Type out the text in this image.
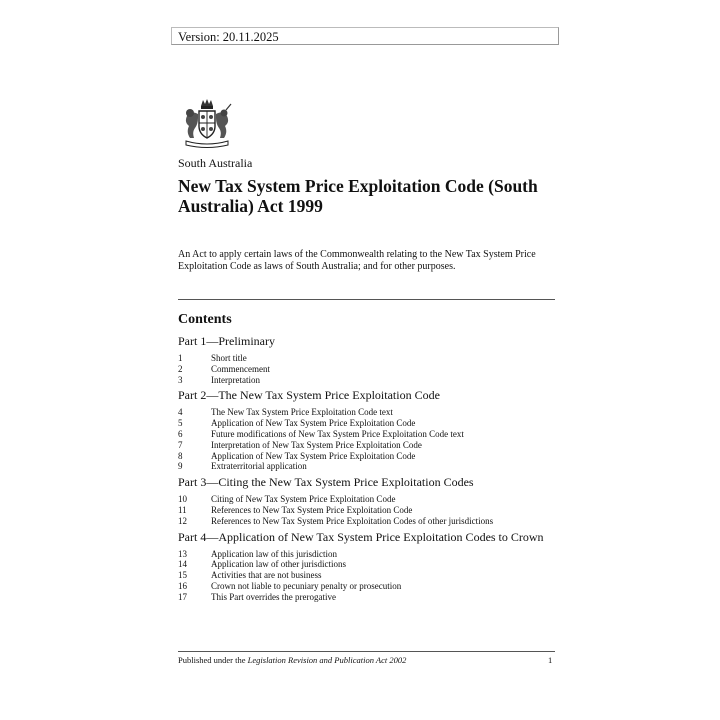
Version: 20.11.2025
South Australia
New Tax System Price Exploitation Code (South Australia) Act 1999

An Act to apply certain laws of the Commonwealth relating to the New Tax System Price Exploitation Code as laws of South Australia; and for other purposes.

Contents
Part 1—Preliminary
1	Short title
2	Commencement
3	Interpretation
Part 2—The New Tax System Price Exploitation Code
4	The New Tax System Price Exploitation Code text
5	Application of New Tax System Price Exploitation Code
6	Future modifications of New Tax System Price Exploitation Code text
7	Interpretation of New Tax System Price Exploitation Code
8	Application of New Tax System Price Exploitation Code
9	Extraterritorial application
Part 3—Citing the New Tax System Price Exploitation Codes
10	Citing of New Tax System Price Exploitation Code
11	References to New Tax System Price Exploitation Code
12	References to New Tax System Price Exploitation Codes of other jurisdictions
Part 4—Application of New Tax System Price Exploitation Codes to Crown
13	Application law of this jurisdiction
14	Application law of other jurisdictions
15	Activities that are not business
16	Crown not liable to pecuniary penalty or prosecution
17	This Part overrides the prerogative
Published under the Legislation Revision and Publication Act 2002	1
